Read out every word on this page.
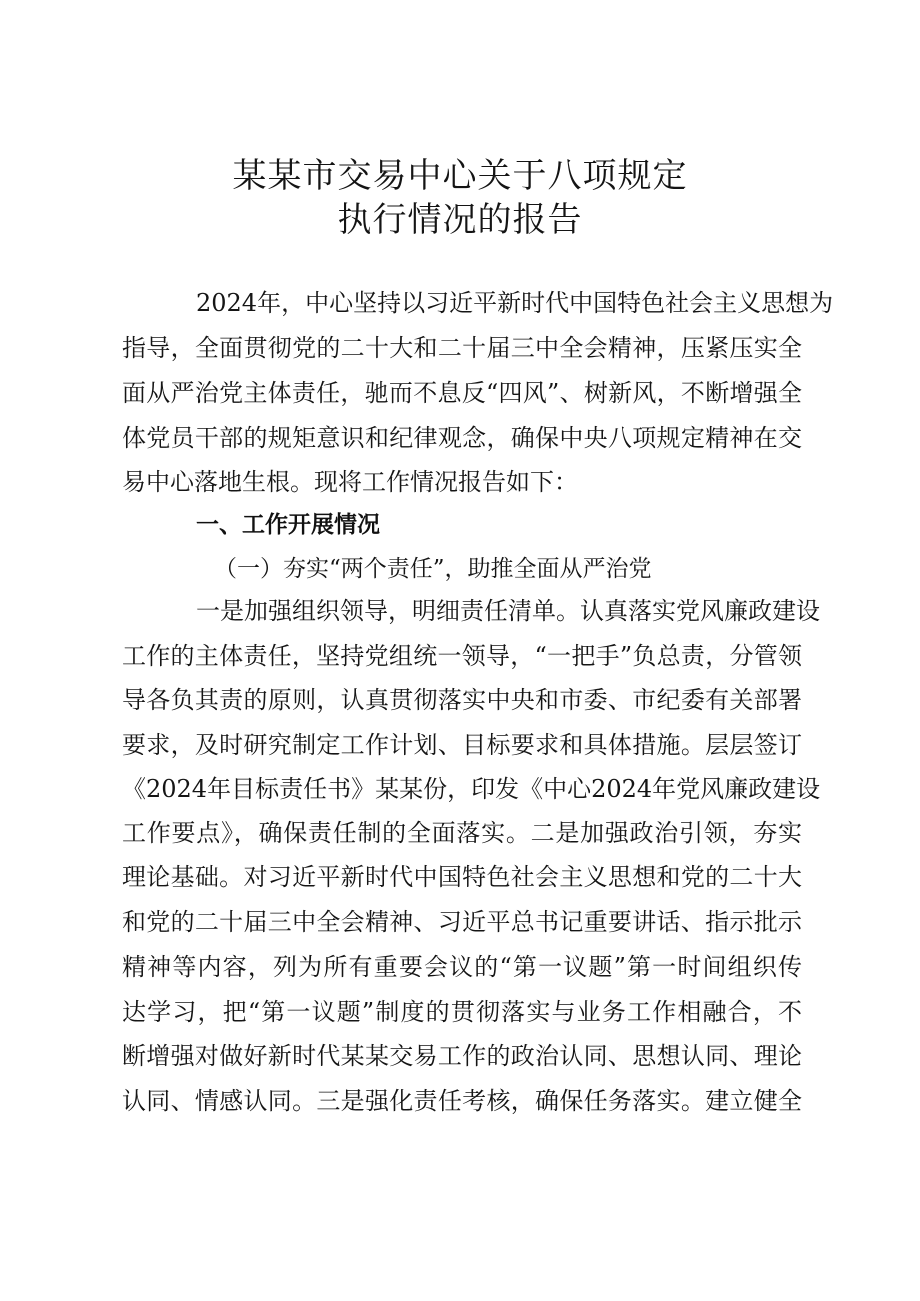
某某市交易中心关于八项规定
执行情况的报告
2024年，中心坚持以习近平新时代中国特色社会主义思想为
指导，全面贯彻党的二十大和二十届三中全会精神，压紧压实全
面从严治党主体责任，驰而不息反“四风”、树新风，不断增强全
体党员干部的规矩意识和纪律观念，确保中央八项规定精神在交
易中心落地生根。现将工作情况报告如下：
一、工作开展情况
（一）夯实“两个责任”，助推全面从严治党
一是加强组织领导，明细责任清单。认真落实党风廉政建设
工作的主体责任，坚持党组统一领导，“一把手”负总责，分管领
导各负其责的原则，认真贯彻落实中央和市委、市纪委有关部署
要求，及时研究制定工作计划、目标要求和具体措施。层层签订
《2024年目标责任书》某某份，印发《中心2024年党风廉政建设
工作要点》，确保责任制的全面落实。二是加强政治引领，夯实
理论基础。对习近平新时代中国特色社会主义思想和党的二十大
和党的二十届三中全会精神、习近平总书记重要讲话、指示批示
精神等内容，列为所有重要会议的“第一议题”第一时间组织传
达学习，把“第一议题”制度的贯彻落实与业务工作相融合，不
断增强对做好新时代某某交易工作的政治认同、思想认同、理论
认同、情感认同。三是强化责任考核，确保任务落实。建立健全
